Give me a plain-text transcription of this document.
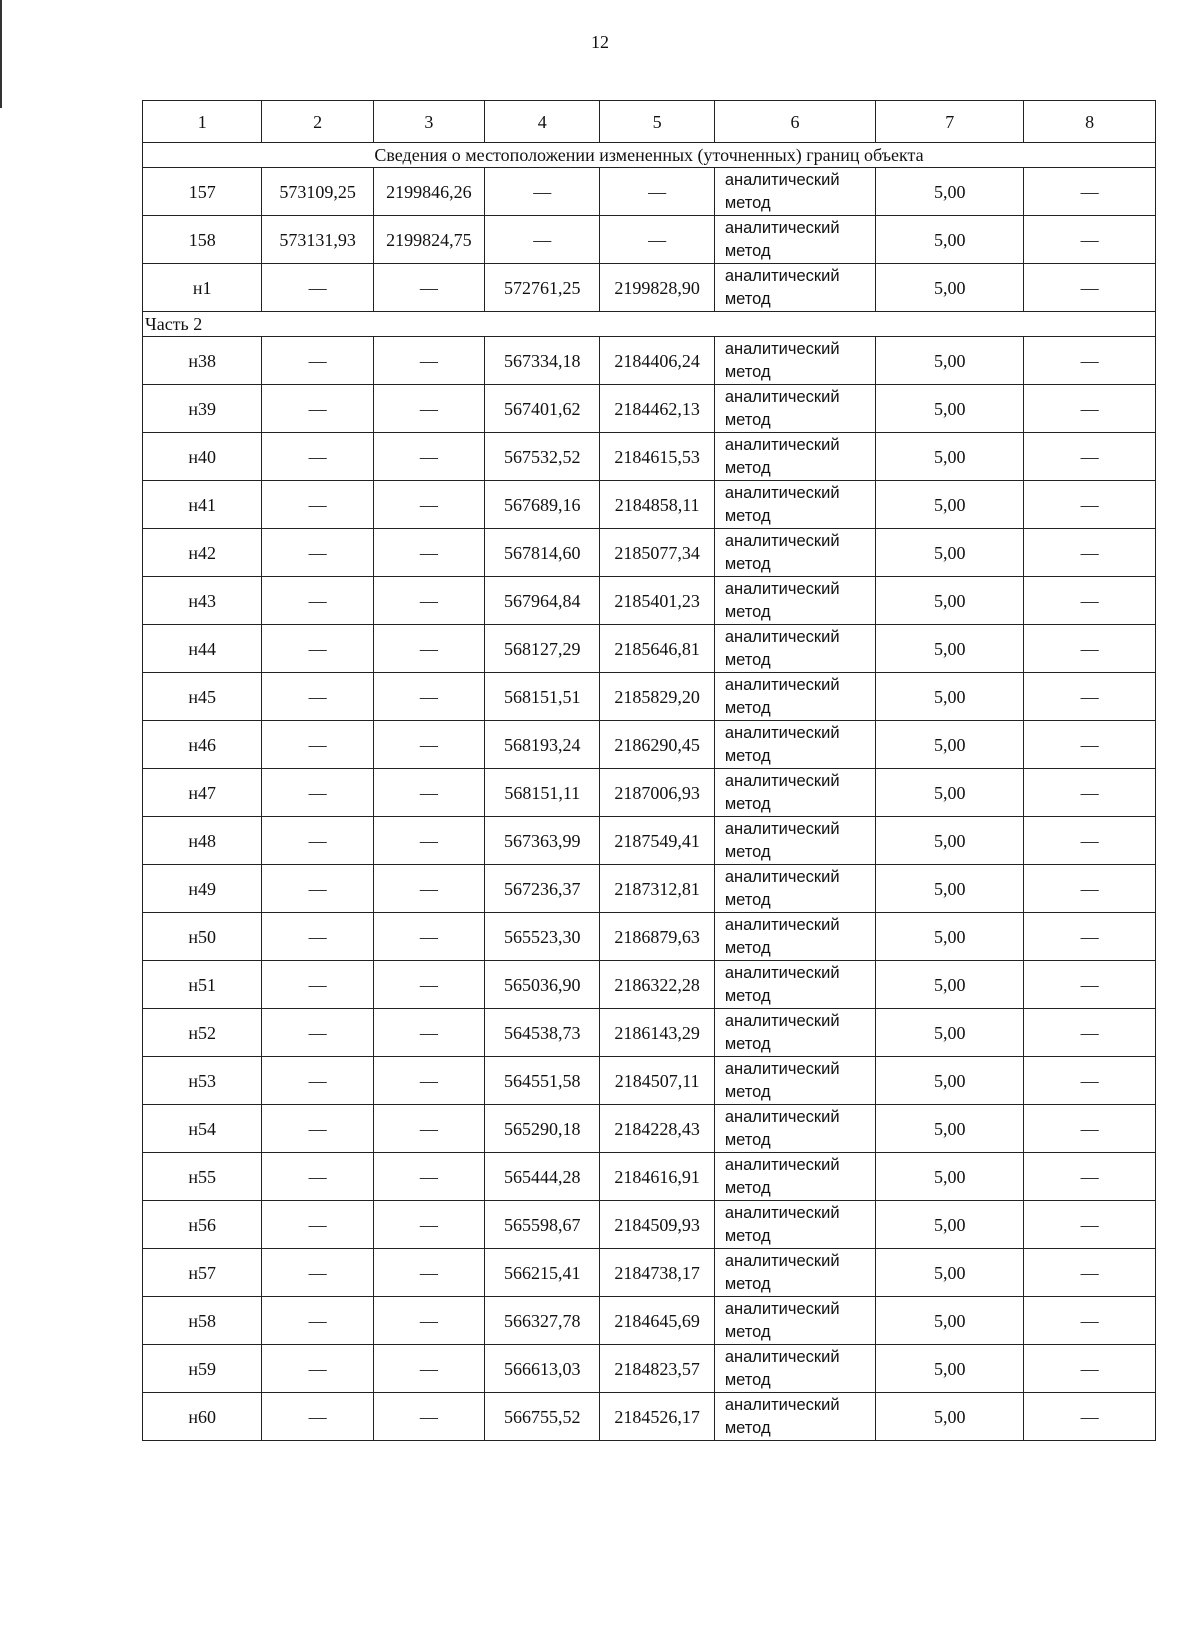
12
1	2	3	4	5	6	7	8
Сведения о местоположении измененных (уточненных) границ объекта							
157	573109,25	2199846,26	—	—	аналитический
метод	5,00	—
158	573131,93	2199824,75	—	—	аналитический
метод	5,00	—
н1	—	—	572761,25	2199828,90	аналитический
метод	5,00	—
Часть 2							
н38	—	—	567334,18	2184406,24	аналитический
метод	5,00	—
н39	—	—	567401,62	2184462,13	аналитический
метод	5,00	—
н40	—	—	567532,52	2184615,53	аналитический
метод	5,00	—
н41	—	—	567689,16	2184858,11	аналитический
метод	5,00	—
н42	—	—	567814,60	2185077,34	аналитический
метод	5,00	—
н43	—	—	567964,84	2185401,23	аналитический
метод	5,00	—
н44	—	—	568127,29	2185646,81	аналитический
метод	5,00	—
н45	—	—	568151,51	2185829,20	аналитический
метод	5,00	—
н46	—	—	568193,24	2186290,45	аналитический
метод	5,00	—
н47	—	—	568151,11	2187006,93	аналитический
метод	5,00	—
н48	—	—	567363,99	2187549,41	аналитический
метод	5,00	—
н49	—	—	567236,37	2187312,81	аналитический
метод	5,00	—
н50	—	—	565523,30	2186879,63	аналитический
метод	5,00	—
н51	—	—	565036,90	2186322,28	аналитический
метод	5,00	—
н52	—	—	564538,73	2186143,29	аналитический
метод	5,00	—
н53	—	—	564551,58	2184507,11	аналитический
метод	5,00	—
н54	—	—	565290,18	2184228,43	аналитический
метод	5,00	—
н55	—	—	565444,28	2184616,91	аналитический
метод	5,00	—
н56	—	—	565598,67	2184509,93	аналитический
метод	5,00	—
н57	—	—	566215,41	2184738,17	аналитический
метод	5,00	—
н58	—	—	566327,78	2184645,69	аналитический
метод	5,00	—
н59	—	—	566613,03	2184823,57	аналитический
метод	5,00	—
н60	—	—	566755,52	2184526,17	аналитический
метод	5,00	—
